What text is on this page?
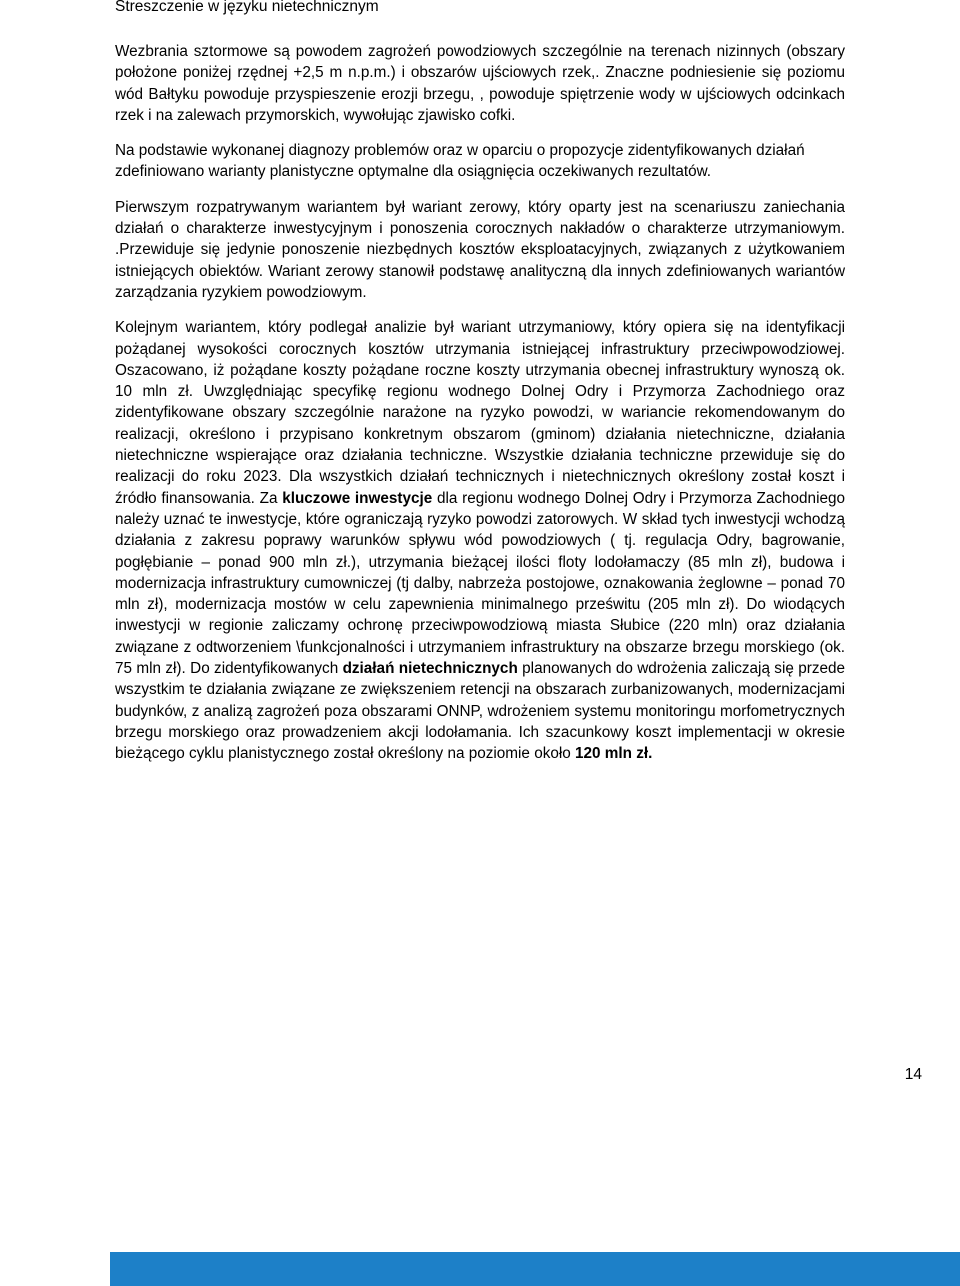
Streszczenie w języku nietechnicznym

Wezbrania sztormowe są powodem zagrożeń powodziowych szczególnie na terenach nizinnych (obszary położone poniżej rzędnej +2,5 m n.p.m.) i obszarów ujściowych rzek,. Znaczne podniesienie się poziomu wód Bałtyku powoduje przyspieszenie erozji brzegu, , powoduje spiętrzenie wody w ujściowych odcinkach rzek i na zalewach przymorskich, wywołując zjawisko cofki.

Na podstawie wykonanej diagnozy problemów oraz w oparciu o propozycje zidentyfikowanych działań zdefiniowano warianty planistyczne optymalne dla osiągnięcia oczekiwanych rezultatów.

Pierwszym rozpatrywanym wariantem był wariant zerowy, który oparty jest na scenariuszu zaniechania działań o charakterze inwestycyjnym i ponoszenia corocznych nakładów o charakterze utrzymaniowym. .Przewiduje się jedynie ponoszenie niezbędnych kosztów eksploatacyjnych, związanych z użytkowaniem istniejących obiektów. Wariant zerowy stanowił podstawę analityczną dla innych zdefiniowanych wariantów zarządzania ryzykiem powodziowym.

Kolejnym wariantem, który podlegał analizie był wariant utrzymaniowy, który opiera się na identyfikacji pożądanej wysokości corocznych kosztów utrzymania istniejącej infrastruktury przeciwpowodziowej. Oszacowano, iż pożądane koszty pożądane roczne koszty utrzymania obecnej infrastruktury wynoszą ok. 10 mln zł. Uwzględniając specyfikę regionu wodnego Dolnej Odry i Przymorza Zachodniego oraz zidentyfikowane obszary szczególnie narażone na ryzyko powodzi, w wariancie rekomendowanym do realizacji, określono i przypisano konkretnym obszarom (gminom) działania nietechniczne, działania nietechniczne wspierające oraz działania techniczne. Wszystkie działania techniczne przewiduje się do realizacji do roku 2023. Dla wszystkich działań technicznych i nietechnicznych określony został koszt i źródło finansowania. Za kluczowe inwestycje dla regionu wodnego Dolnej Odry i Przymorza Zachodniego należy uznać te inwestycje, które ograniczają ryzyko powodzi zatorowych. W skład tych inwestycji wchodzą działania z zakresu poprawy warunków spływu wód powodziowych ( tj. regulacja Odry, bagrowanie, pogłębianie – ponad 900 mln zł.), utrzymania bieżącej ilości floty lodołamaczy (85 mln zł), budowa i modernizacja infrastruktury cumowniczej (tj dalby, nabrzeża postojowe, oznakowania żeglowne – ponad 70 mln zł), modernizacja mostów w celu zapewnienia minimalnego prześwitu (205 mln zł). Do wiodących inwestycji w regionie zaliczamy ochronę przeciwpowodziową miasta Słubice (220 mln) oraz działania związane z odtworzeniem \funkcjonalności i utrzymaniem infrastruktury na obszarze brzegu morskiego (ok. 75 mln zł). Do zidentyfikowanych działań nietechnicznych planowanych do wdrożenia zaliczają się przede wszystkim te działania związane ze zwiększeniem retencji na obszarach zurbanizowanych, modernizacjami budynków, z analizą zagrożeń poza obszarami ONNP, wdrożeniem systemu monitoringu morfometrycznych brzegu morskiego oraz prowadzeniem akcji lodołamania. Ich szacunkowy koszt implementacji w okresie bieżącego cyklu planistycznego został określony na poziomie około 120 mln zł.

14
